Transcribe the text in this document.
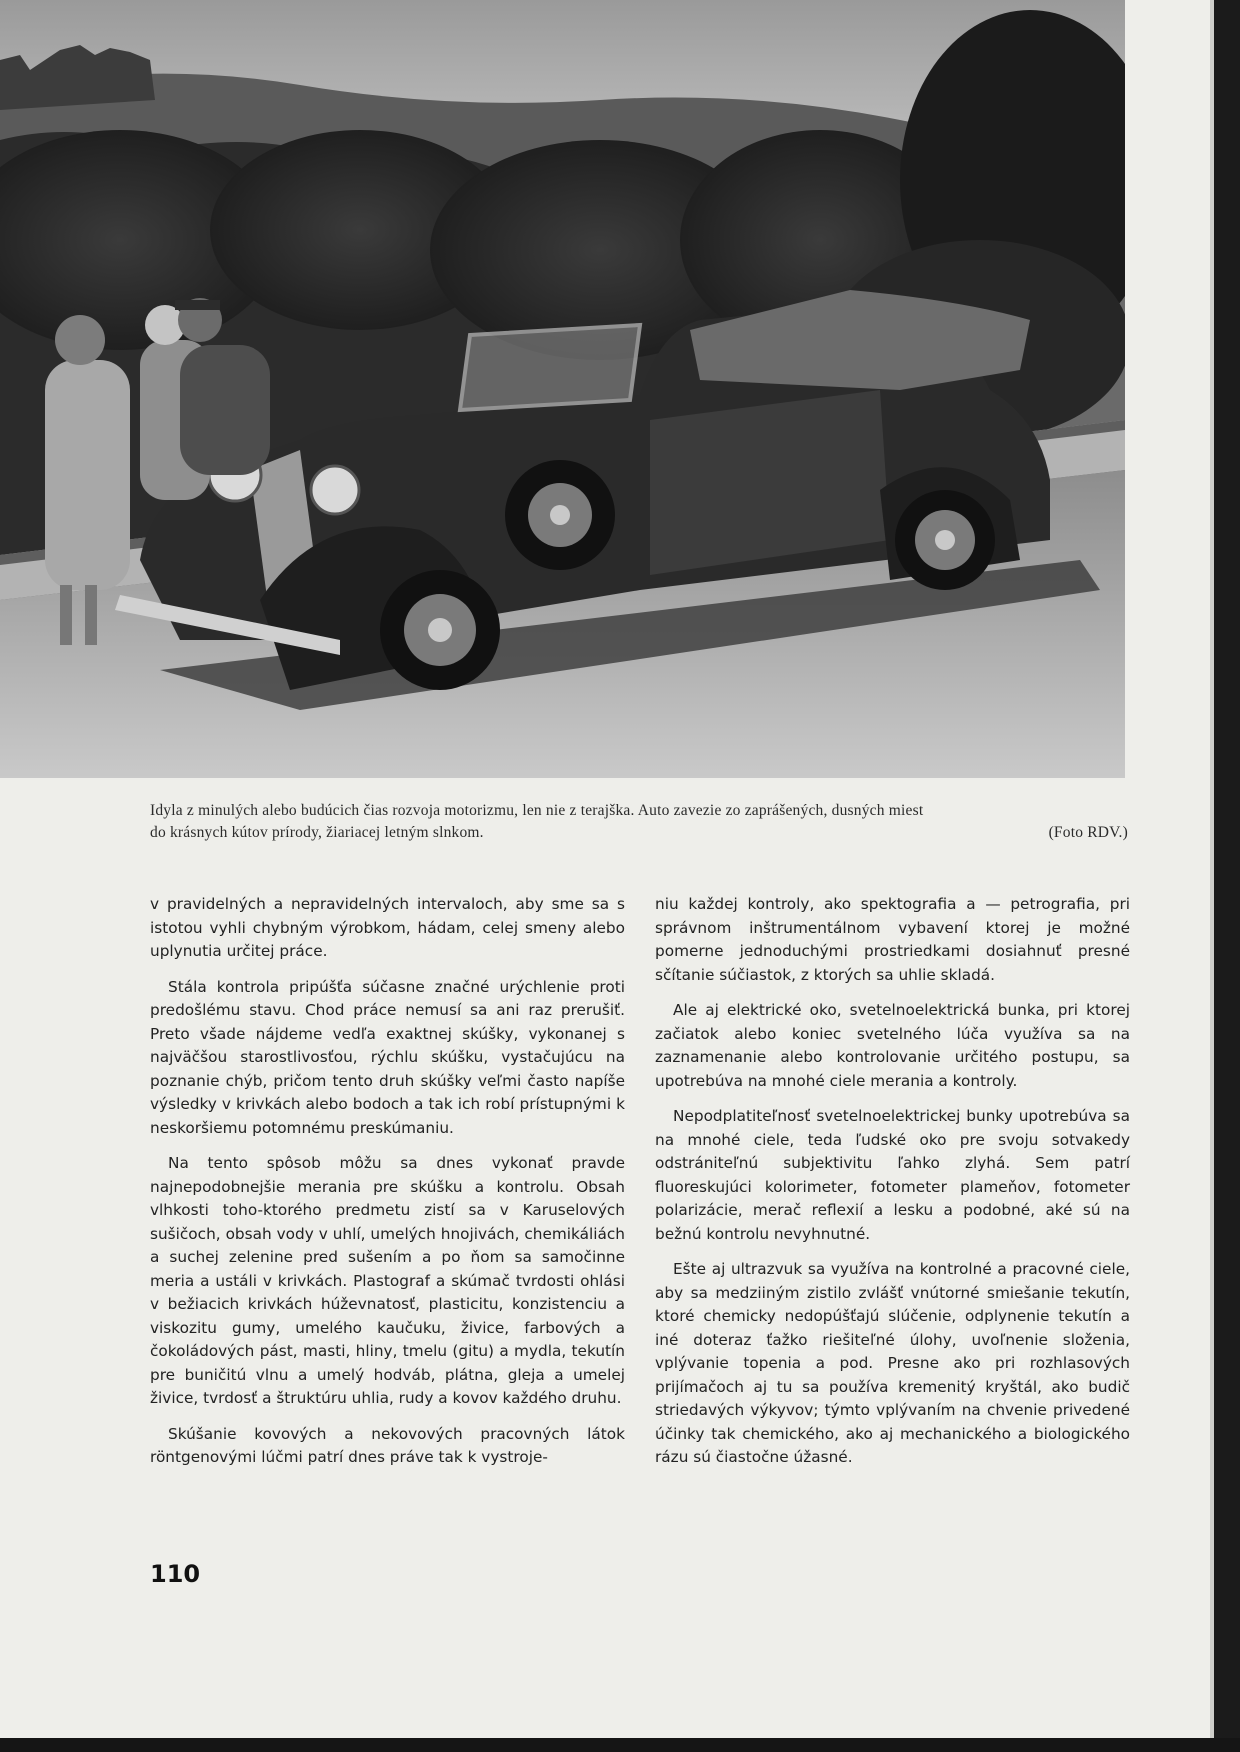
Idyla z minulých alebo budúcich čias rozvoja motorizmu, len nie z terajška. Auto zavezie zo zaprášených, dusných miest
do krásnych kútov prírody, žiariacej letným slnkom.	(Foto RDV.)

v pravidelných a nepravidelných intervaloch, aby sme sa s istotou vyhli chybným výrobkom, hádam, celej smeny alebo uplynutia určitej práce.

Stála kontrola pripúšťa súčasne značné urýchlenie proti predošlému stavu. Chod práce nemusí sa ani raz prerušiť. Preto všade nájdeme vedľa exaktnej skúšky, vykonanej s najväčšou starostlivosťou, rýchlu skúšku, vystačujúcu na poznanie chýb, pričom tento druh skúšky veľmi často napíše výsledky v krivkách alebo bodoch a tak ich robí prístupnými k neskoršiemu potomnému preskúmaniu.

Na tento spôsob môžu sa dnes vykonať pravde najnepodobnejšie merania pre skúšku a kontrolu. Obsah vlhkosti toho-ktorého predmetu zistí sa v Karuselových sušičoch, obsah vody v uhlí, umelých hnojivách, chemikáliách a suchej zelenine pred sušením a po ňom sa samočinne meria a ustáli v krivkách. Plastograf a skúmač tvrdosti ohlási v bežiacich krivkách húževnatosť, plasticitu, konzistenciu a viskozitu gumy, umelého kaučuku, živice, farbových a čokoládových pást, masti, hliny, tmelu (gitu) a mydla, tekutín pre buničitú vlnu a umelý hodváb, plátna, gleja a umelej živice, tvrdosť a štruktúru uhlia, rudy a kovov každého druhu.

Skúšanie kovových a nekovových pracovných látok röntgenovými lúčmi patrí dnes práve tak k vystroje-

niu každej kontroly, ako spektografia a — petrografia, pri správnom inštrumentálnom vybavení ktorej je možné pomerne jednoduchými prostriedkami dosiahnuť presné sčítanie súčiastok, z ktorých sa uhlie skladá.

Ale aj elektrické oko, svetelnoelektrická bunka, pri ktorej začiatok alebo koniec svetelného lúča využíva sa na zaznamenanie alebo kontrolovanie určitého postupu, sa upotrebúva na mnohé ciele merania a kontroly.

Nepodplatiteľnosť svetelnoelektrickej bunky upotrebúva sa na mnohé ciele, teda ľudské oko pre svoju sotvakedy odstrániteľnú subjektivitu ľahko zlyhá. Sem patrí fluoreskujúci kolorimeter, fotometer plameňov, fotometer polarizácie, merač reflexií a lesku a podobné, aké sú na bežnú kontrolu nevyhnutné.

Ešte aj ultrazvuk sa využíva na kontrolné a pracovné ciele, aby sa medziiným zistilo zvlášť vnútorné smiešanie tekutín, ktoré chemicky nedopúšťajú slúčenie, odplynenie tekutín a iné doteraz ťažko riešiteľné úlohy, uvoľnenie složenia, vplývanie topenia a pod. Presne ako pri rozhlasových prijímačoch aj tu sa používa kremenitý kryštál, ako budič striedavých výkyvov; týmto vplývaním na chvenie privedené účinky tak chemického, ako aj mechanického a biologického rázu sú čiastočne úžasné.

110
